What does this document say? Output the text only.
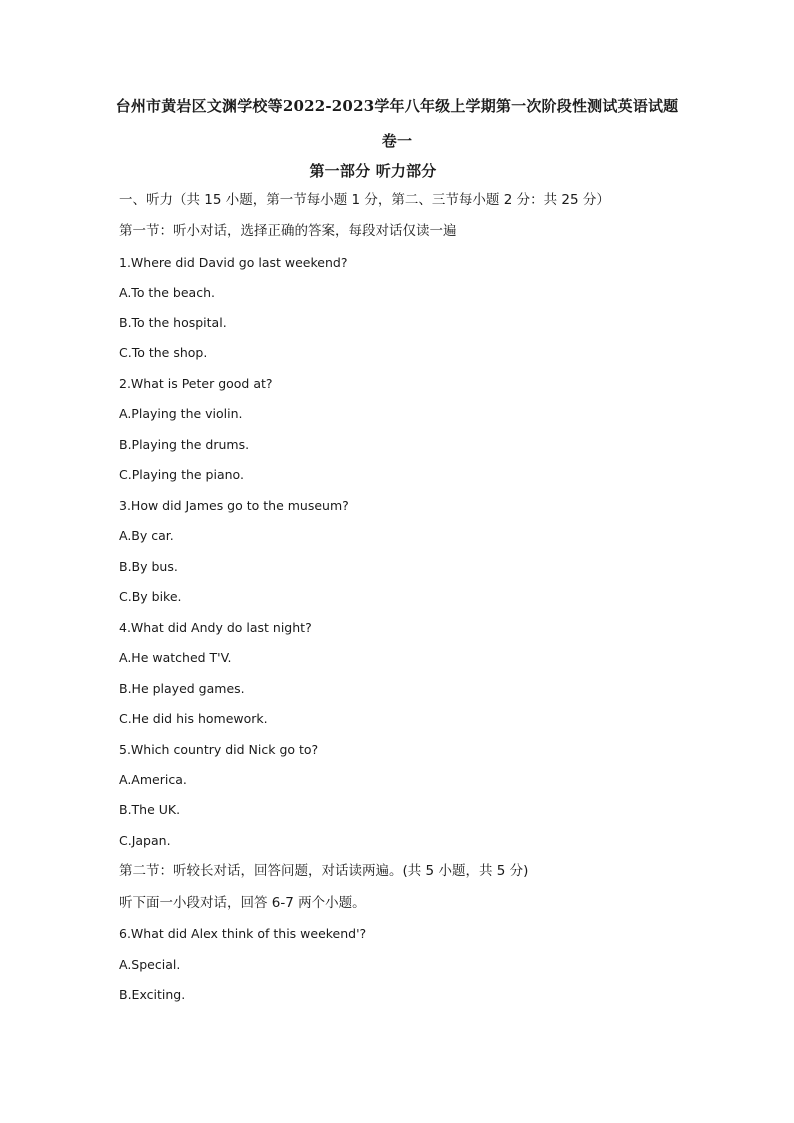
台州市黄岩区文渊学校等2022-2023学年八年级上学期第一次阶段性测试英语试题
卷一
第一部分 听力部分
一、听力（共 15 小题，第一节每小题 1 分，第二、三节每小题 2 分：共 25 分）
第一节：听小对话，选择正确的答案，每段对话仅读一遍
1.Where did David go last weekend?
A.To the beach.
B.To the hospital.
C.To the shop.
2.What is Peter good at?
A.Playing the violin.
B.Playing the drums.
C.Playing the piano.
3.How did James go to the museum?
A.By car.
B.By bus.
C.By bike.
4.What did Andy do last night?
A.He watched T'V.
B.He played games.
C.He did his homework.
5.Which country did Nick go to?
A.America.
B.The UK.
C.Japan.
第二节：听较长对话，回答问题，对话读两遍。(共 5 小题，共 5 分)
听下面一小段对话，回答 6-7 两个小题。
6.What did Alex think of this weekend'?
A.Special.
B.Exciting.
